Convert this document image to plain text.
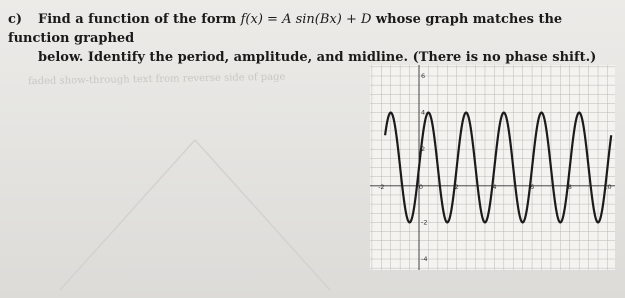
c) Find a function of the form f(x) = A sin(Bx) + D whose graph matches the function graphed
below. Identify the period, amplitude, and midline. (There is no phase shift.)
faded show-through text from reverse side of page
-2	0	2	4	6	8	10
-4
-2
2
4
6
